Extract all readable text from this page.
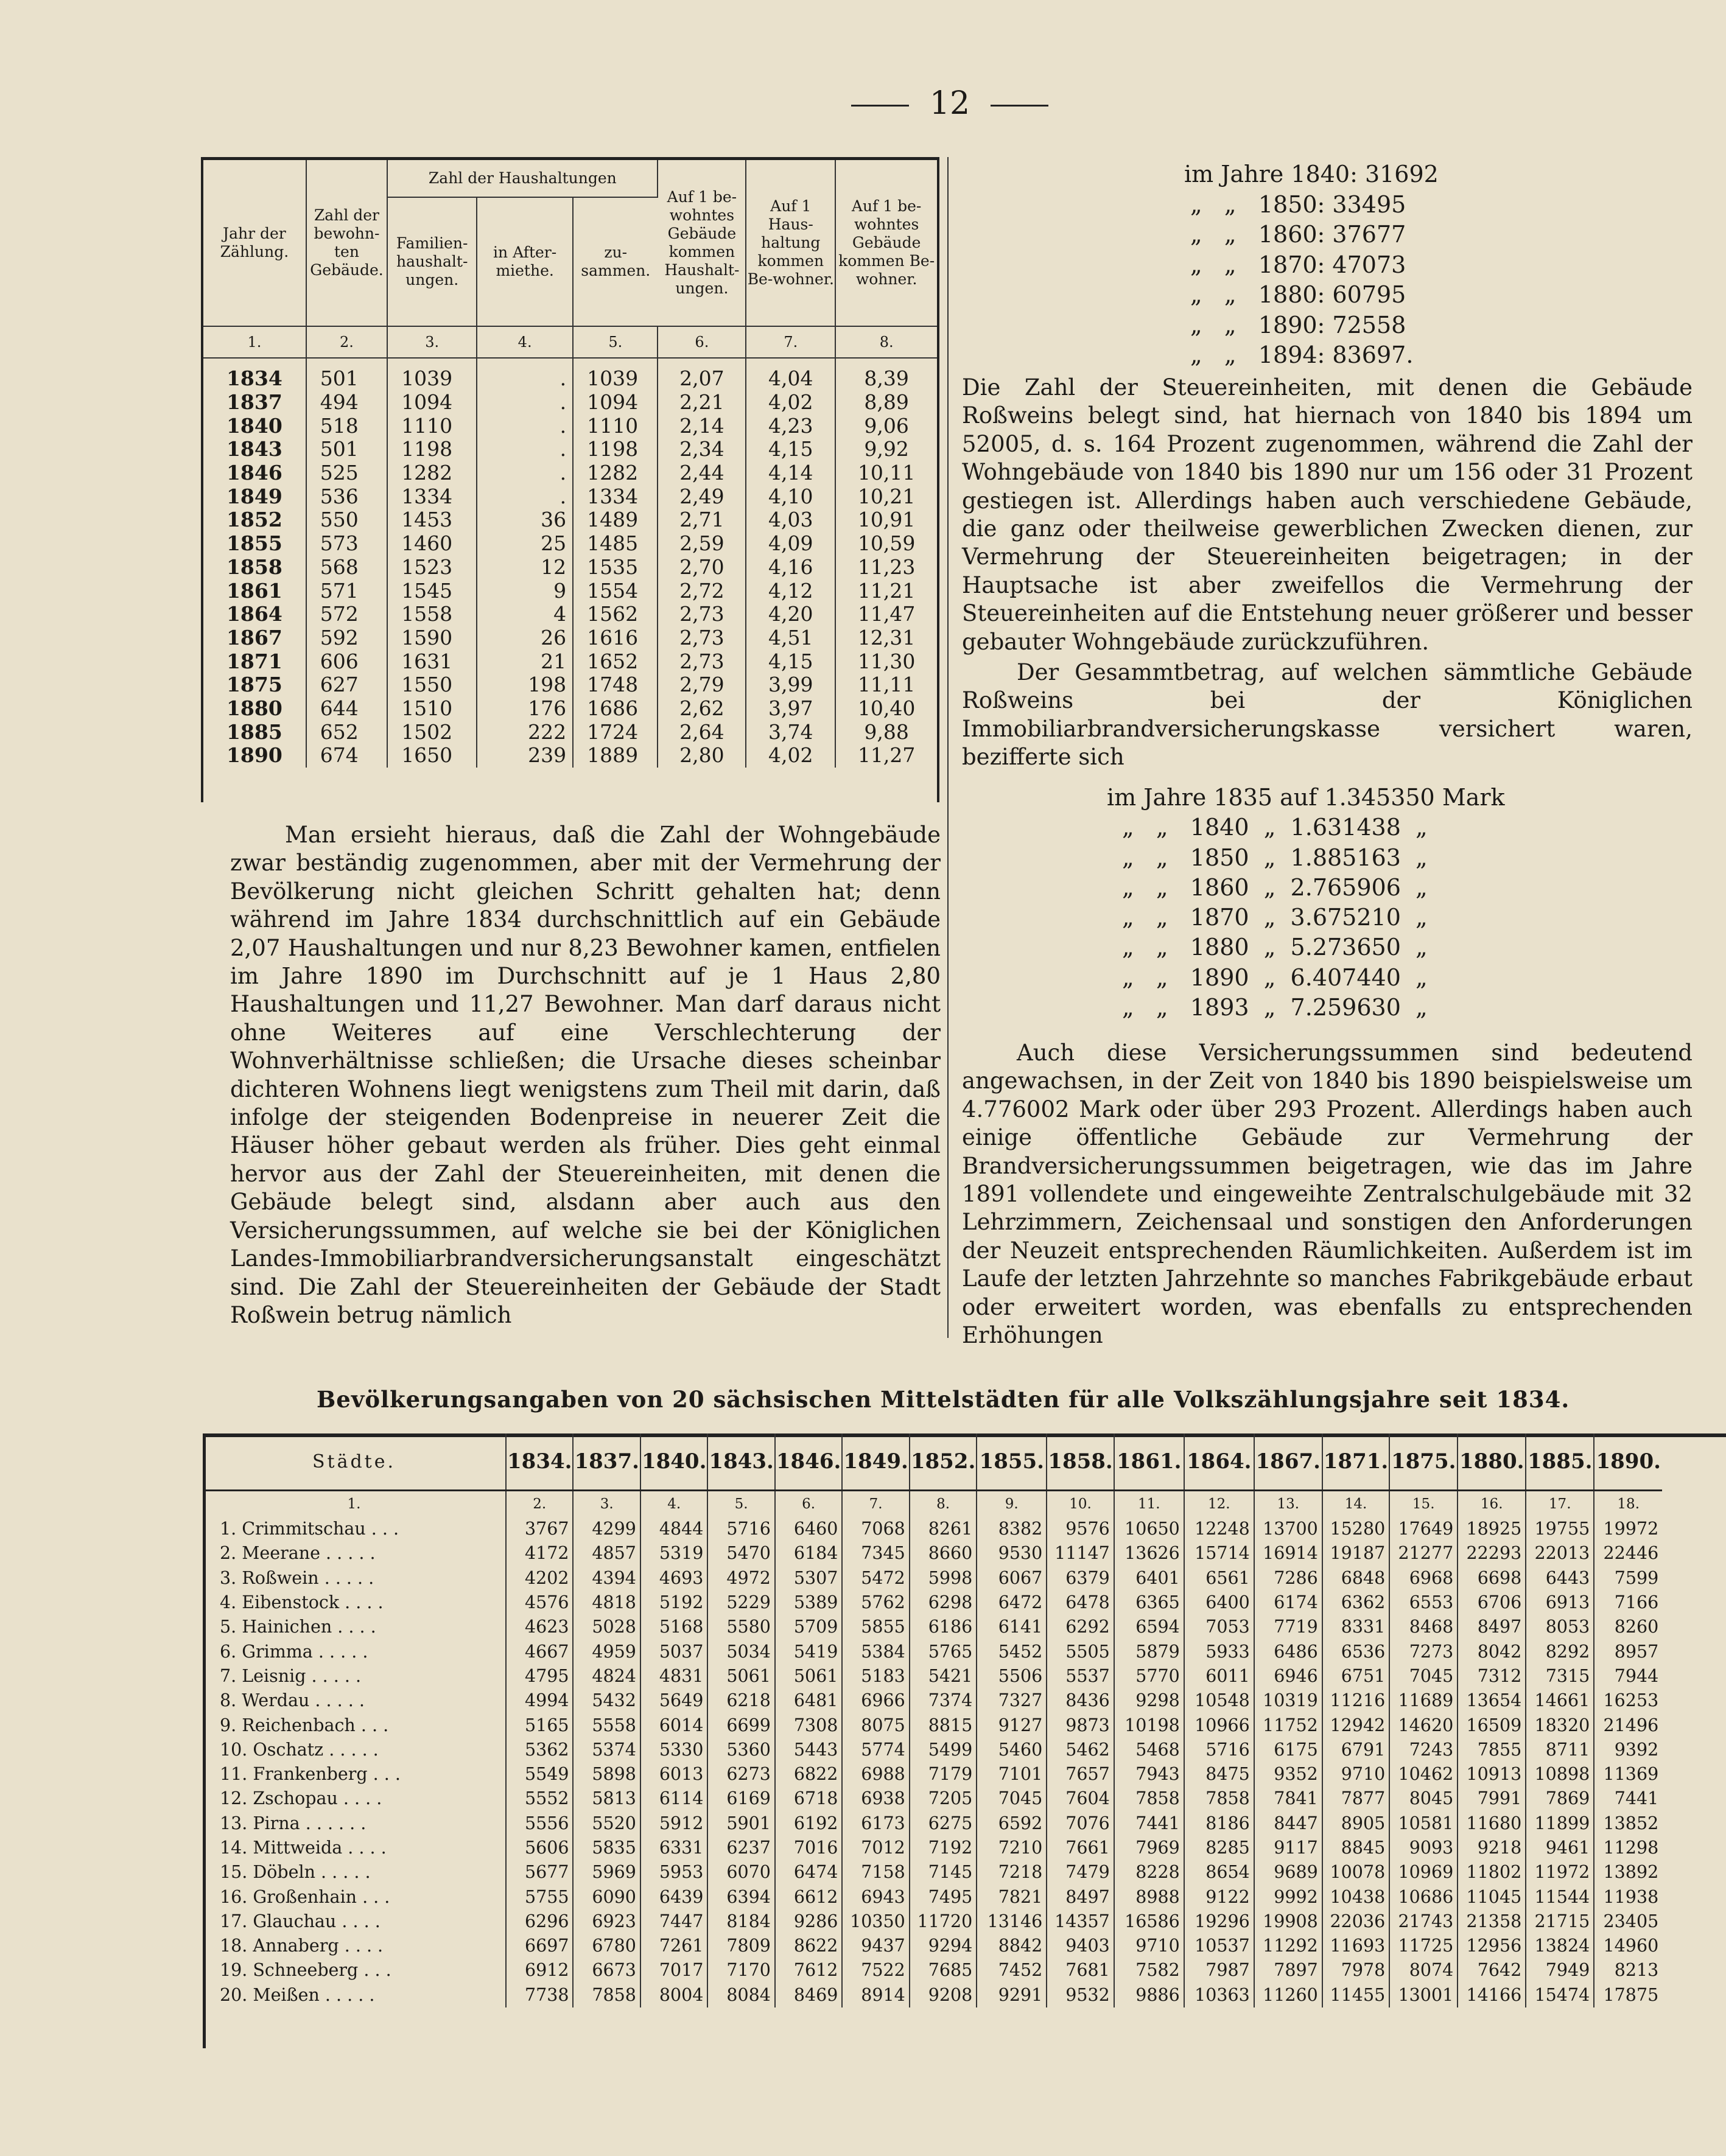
12
Jahr der Zählung.	Zahl der bewohn-ten Gebäude.	Zahl der Haushaltungen			Auf 1 be-wohntes Gebäude kommen Haushalt-ungen.	Auf 1 Haus-haltung kommen Be-wohner.	Auf 1 be-wohntes Gebäude kommen Be-wohner.
		Familien-haushalt-ungen.	in After-miethe.	zu-sammen.			
1.	2.	3.	4.	5.	6.	7.	8.
1834	501	1039	.	1039	2,07	4,04	8,39
1837	494	1094	.	1094	2,21	4,02	8,89
1840	518	1110	.	1110	2,14	4,23	9,06
1843	501	1198	.	1198	2,34	4,15	9,92
1846	525	1282	.	1282	2,44	4,14	10,11
1849	536	1334	.	1334	2,49	4,10	10,21
1852	550	1453	36	1489	2,71	4,03	10,91
1855	573	1460	25	1485	2,59	4,09	10,59
1858	568	1523	12	1535	2,70	4,16	11,23
1861	571	1545	9	1554	2,72	4,12	11,21
1864	572	1558	4	1562	2,73	4,20	11,47
1867	592	1590	26	1616	2,73	4,51	12,31
1871	606	1631	21	1652	2,73	4,15	11,30
1875	627	1550	198	1748	2,79	3,99	11,11
1880	644	1510	176	1686	2,62	3,97	10,40
1885	652	1502	222	1724	2,64	3,74	9,88
1890	674	1650	239	1889	2,80	4,02	11,27

Man ersieht hieraus, daß die Zahl der Wohngebäude zwar beständig zugenommen, aber mit der Vermehrung der Bevölkerung nicht gleichen Schritt gehalten hat; denn während im Jahre 1834 durchschnittlich auf ein Gebäude 2,07 Haushaltungen und nur 8,23 Bewohner kamen, entfielen im Jahre 1890 im Durchschnitt auf je 1 Haus 2,80 Haushaltungen und 11,27 Bewohner. Man darf daraus nicht ohne Weiteres auf eine Verschlechterung der Wohnverhältnisse schließen; die Ursache dieses scheinbar dichteren Wohnens liegt wenigstens zum Theil mit darin, daß infolge der steigenden Bodenpreise in neuerer Zeit die Häuser höher gebaut werden als früher. Dies geht einmal hervor aus der Zahl der Steuereinheiten, mit denen die Gebäude belegt sind, alsdann aber auch aus den Versicherungssummen, auf welche sie bei der Königlichen Landes-Immobiliarbrandversicherungsanstalt eingeschätzt sind. Die Zahl der Steuereinheiten der Gebäude der Stadt Roßwein betrug nämlich

im Jahre 1840: 31692
„   „   1850: 33495
„   „   1860: 37677
„   „   1870: 47073
„   „   1880: 60795
„   „   1890: 72558
„   „   1894: 83697.

Die Zahl der Steuereinheiten, mit denen die Gebäude Roßweins belegt sind, hat hiernach von 1840 bis 1894 um 52005, d. s. 164 Prozent zugenommen, während die Zahl der Wohngebäude von 1840 bis 1890 nur um 156 oder 31 Prozent gestiegen ist. Allerdings haben auch verschiedene Gebäude, die ganz oder theilweise gewerblichen Zwecken dienen, zur Vermehrung der Steuereinheiten beigetragen; in der Hauptsache ist aber zweifellos die Vermehrung der Steuereinheiten auf die Entstehung neuer größerer und besser gebauter Wohngebäude zurückzuführen.

Der Gesammtbetrag, auf welchen sämmtliche Gebäude Roßweins bei der Königlichen Immobiliarbrandversicherungskasse versichert waren, bezifferte sich

im Jahre 1835 auf 1.345350 Mark
„   „   1840  „  1.631438  „
„   „   1850  „  1.885163  „
„   „   1860  „  2.765906  „
„   „   1870  „  3.675210  „
„   „   1880  „  5.273650  „
„   „   1890  „  6.407440  „
„   „   1893  „  7.259630  „

Auch diese Versicherungssummen sind bedeutend angewachsen, in der Zeit von 1840 bis 1890 beispielsweise um 4.776002 Mark oder über 293 Prozent. Allerdings haben auch einige öffentliche Gebäude zur Vermehrung der Brandversicherungssummen beigetragen, wie das im Jahre 1891 vollendete und eingeweihte Zentralschulgebäude mit 32 Lehrzimmern, Zeichensaal und sonstigen den Anforderungen der Neuzeit entsprechenden Räumlichkeiten. Außerdem ist im Laufe der letzten Jahrzehnte so manches Fabrikgebäude erbaut oder erweitert worden, was ebenfalls zu entsprechenden Erhöhungen

Bevölkerungsangaben von 20 sächsischen Mittelstädten für alle Volkszählungsjahre seit 1834.
Städte.	1834.	1837.	1840.	1843.	1846.	1849.	1852.	1855.	1858.	1861.	1864.	1867.	1871.	1875.	1880.	1885.	1890.
1.	2.	3.	4.	5.	6.	7.	8.	9.	10.	11.	12.	13.	14.	15.	16.	17.	18.
1. Crimmitschau . . .	3767	4299	4844	5716	6460	7068	8261	8382	9576	10650	12248	13700	15280	17649	18925	19755	19972
2. Meerane . . . . .	4172	4857	5319	5470	6184	7345	8660	9530	11147	13626	15714	16914	19187	21277	22293	22013	22446
3. Roßwein . . . . .	4202	4394	4693	4972	5307	5472	5998	6067	6379	6401	6561	7286	6848	6968	6698	6443	7599
4. Eibenstock . . . .	4576	4818	5192	5229	5389	5762	6298	6472	6478	6365	6400	6174	6362	6553	6706	6913	7166
5. Hainichen . . . .	4623	5028	5168	5580	5709	5855	6186	6141	6292	6594	7053	7719	8331	8468	8497	8053	8260
6. Grimma . . . . .	4667	4959	5037	5034	5419	5384	5765	5452	5505	5879	5933	6486	6536	7273	8042	8292	8957
7. Leisnig . . . . .	4795	4824	4831	5061	5061	5183	5421	5506	5537	5770	6011	6946	6751	7045	7312	7315	7944
8. Werdau . . . . .	4994	5432	5649	6218	6481	6966	7374	7327	8436	9298	10548	10319	11216	11689	13654	14661	16253
9. Reichenbach . . .	5165	5558	6014	6699	7308	8075	8815	9127	9873	10198	10966	11752	12942	14620	16509	18320	21496
10. Oschatz . . . . .	5362	5374	5330	5360	5443	5774	5499	5460	5462	5468	5716	6175	6791	7243	7855	8711	9392
11. Frankenberg . . .	5549	5898	6013	6273	6822	6988	7179	7101	7657	7943	8475	9352	9710	10462	10913	10898	11369
12. Zschopau . . . .	5552	5813	6114	6169	6718	6938	7205	7045	7604	7858	7858	7841	7877	8045	7991	7869	7441
13. Pirna . . . . . .	5556	5520	5912	5901	6192	6173	6275	6592	7076	7441	8186	8447	8905	10581	11680	11899	13852
14. Mittweida . . . .	5606	5835	6331	6237	7016	7012	7192	7210	7661	7969	8285	9117	8845	9093	9218	9461	11298
15. Döbeln . . . . .	5677	5969	5953	6070	6474	7158	7145	7218	7479	8228	8654	9689	10078	10969	11802	11972	13892
16. Großenhain . . .	5755	6090	6439	6394	6612	6943	7495	7821	8497	8988	9122	9992	10438	10686	11045	11544	11938
17. Glauchau . . . .	6296	6923	7447	8184	9286	10350	11720	13146	14357	16586	19296	19908	22036	21743	21358	21715	23405
18. Annaberg . . . .	6697	6780	7261	7809	8622	9437	9294	8842	9403	9710	10537	11292	11693	11725	12956	13824	14960
19. Schneeberg . . .	6912	6673	7017	7170	7612	7522	7685	7452	7681	7582	7987	7897	7978	8074	7642	7949	8213
20. Meißen . . . . .	7738	7858	8004	8084	8469	8914	9208	9291	9532	9886	10363	11260	11455	13001	14166	15474	17875
